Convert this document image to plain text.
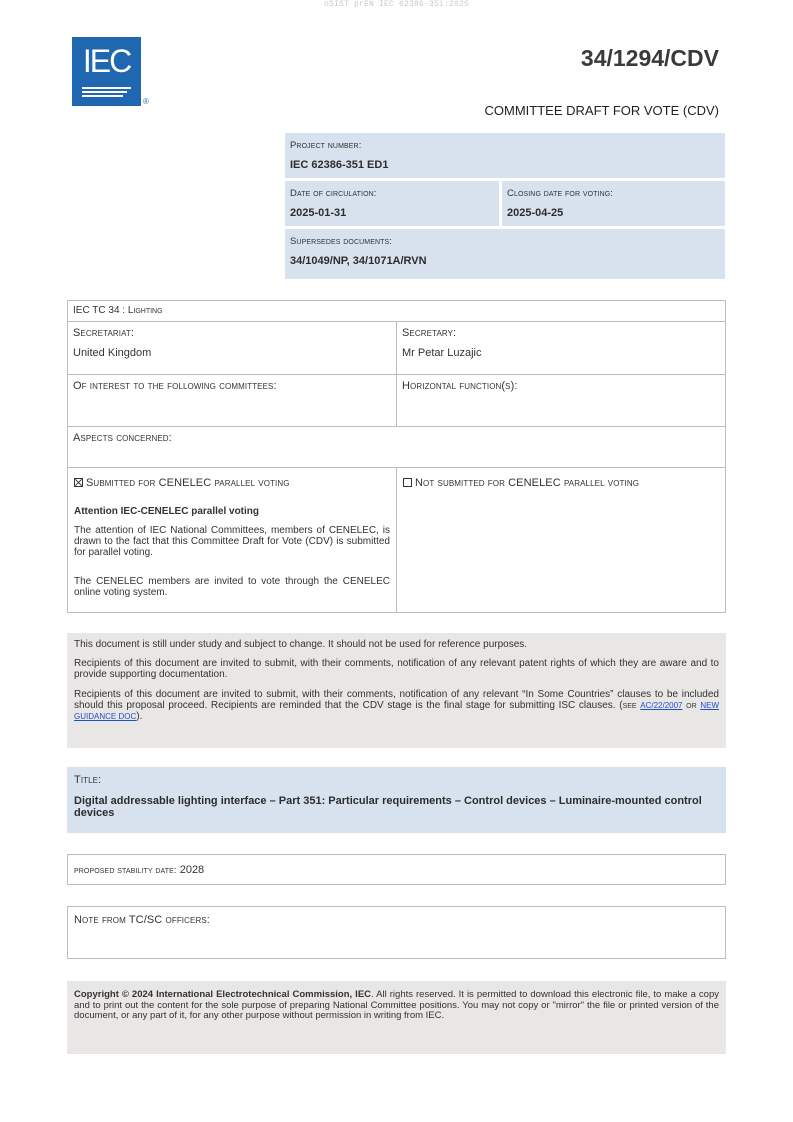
oSIST prEN IEC 62386-351:2025
IEC
®
34/1294/CDV
COMMITTEE DRAFT FOR VOTE (CDV)
Project number:
IEC 62386-351 ED1
Date of circulation:
2025-01-31
Closing date for voting:
2025-04-25
Supersedes documents:
34/1049/NP, 34/1071A/RVN
IEC TC 34 : Lighting
Secretariat:
United Kingdom
Secretary:
Mr Petar Luzajic
Of interest to the following committees:	Horizontal function(s):
Aspects concerned:
Submitted for CENELEC parallel voting	Not submitted for CENELEC parallel voting
Attention IEC-CENELEC parallel voting
The attention of IEC National Committees, members of CENELEC, is drawn to the fact that this Committee Draft for Vote (CDV) is submitted for parallel voting.
The CENELEC members are invited to vote through the CENELEC online voting system.
This document is still under study and subject to change. It should not be used for reference purposes.
Recipients of this document are invited to submit, with their comments, notification of any relevant patent rights of which they are aware and to provide supporting documentation.
Recipients of this document are invited to submit, with their comments, notification of any relevant “In Some Countries” clauses to be included should this proposal proceed. Recipients are reminded that the CDV stage is the final stage for submitting ISC clauses. (see AC/22/2007 or NEW GUIDANCE DOC).
Title:
Digital addressable lighting interface – Part 351: Particular requirements – Control devices – Luminaire-mounted control devices
proposed stability date: 2028
Note from TC/SC officers:
Copyright © 2024 International Electrotechnical Commission, IEC. All rights reserved. It is permitted to download this electronic file, to make a copy and to print out the content for the sole purpose of preparing National Committee positions. You may not copy or "mirror" the file or printed version of the document, or any part of it, for any other purpose without permission in writing from IEC.
